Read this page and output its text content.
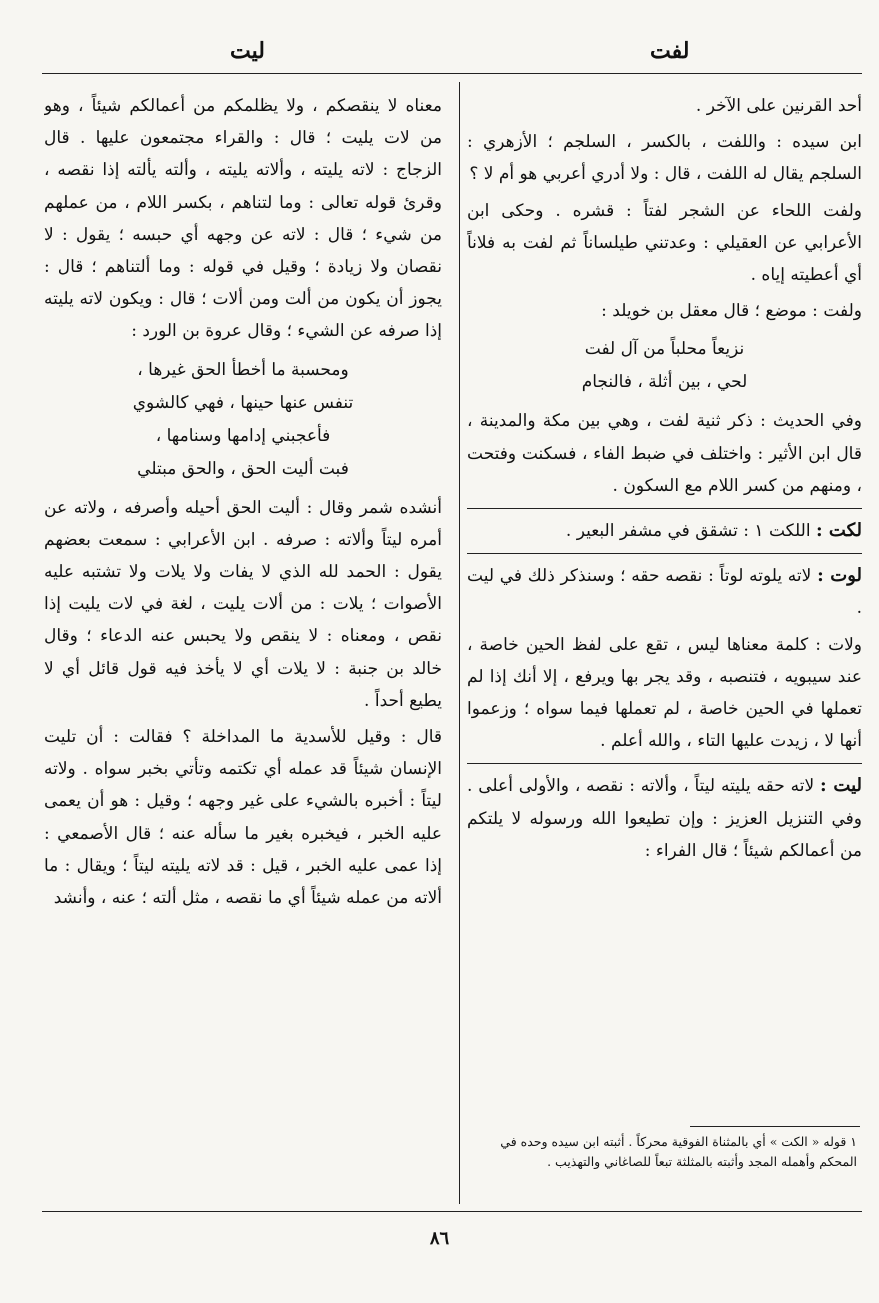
ليت	لفت

أحد القرنين على الآخر .

ابن سيده : واللفت ، بالكسر ، السلجم ؛ الأزهري : السلجم يقال له اللفت ، قال : ولا أدري أعربي هو أم لا ؟

ولفت اللحاء عن الشجر لفتاً : قشره . وحكى ابن الأعرابي عن العقيلي : وعدتني طيلساناً ثم لفت به فلاناً أي أعطيته إياه .

ولفت : موضع ؛ قال معقل بن خويلد :

نزيعاً محلباً من آل لفت
لحي ، بين أثلة ، فالنجام

وفي الحديث : ذكر ثنية لفت ، وهي بين مكة والمدينة ، قال ابن الأثير : واختلف في ضبط الفاء ، فسكنت وفتحت ، ومنهم من كسر اللام مع السكون .

لكت : اللكت ١ : تشقق في مشفر البعير .

لوت : لاته يلوته لوتاً : نقصه حقه ؛ وسنذكر ذلك في ليت .

ولات : كلمة معناها ليس ، تقع على لفظ الحين خاصة ، عند سيبويه ، فتنصبه ، وقد يجر بها ويرفع ، إلا أنك إذا لم تعملها في الحين خاصة ، لم تعملها فيما سواه ؛ وزعموا أنها لا ، زيدت عليها التاء ، والله أعلم .

ليت : لاته حقه يليته ليتاً ، وألاته : نقصه ، والأولى أعلى . وفي التنزيل العزيز : وإن تطيعوا الله ورسوله لا يلتكم من أعمالكم شيئاً ؛ قال الفراء :

١ قوله « الكت » أي بالمثناة الفوقية محركاً . أثبته ابن سيده وحده في المحكم وأهمله المجد وأثبته بالمثلثة تبعاً للصاغاني والتهذيب .

معناه لا ينقصكم ، ولا يظلمكم من أعمالكم شيئاً ، وهو من لات يليت ؛ قال : والقراء مجتمعون عليها . قال الزجاج : لاته يليته ، وألاته يليته ، وألته يألته إذا نقصه ، وقرئ قوله تعالى : وما لتناهم ، بكسر اللام ، من عملهم من شيء ؛ قال : لاته عن وجهه أي حبسه ؛ يقول : لا نقصان ولا زيادة ؛ وقيل في قوله : وما ألتناهم ؛ قال : يجوز أن يكون من ألت ومن ألات ؛ قال : ويكون لاته يليته إذا صرفه عن الشيء ؛ وقال عروة بن الورد :

ومحسبة ما أخطأ الحق غيرها ،
تنفس عنها حينها ، فهي كالشوي
فأعجبني إدامها وسنامها ،
فبت أليت الحق ، والحق مبتلي

أنشده شمر وقال : أليت الحق أحيله وأصرفه ، ولاته عن أمره ليتاً وألاته : صرفه . ابن الأعرابي : سمعت بعضهم يقول : الحمد لله الذي لا يفات ولا يلات ولا تشتبه عليه الأصوات ؛ يلات : من ألات يليت ، لغة في لات يليت إذا نقص ، ومعناه : لا ينقص ولا يحبس عنه الدعاء ؛ وقال خالد بن جنبة : لا يلات أي لا يأخذ فيه قول قائل أي لا يطيع أحداً .

قال : وقيل للأسدية ما المداخلة ؟ فقالت : أن تليت الإنسان شيئاً قد عمله أي تكتمه وتأتي بخبر سواه . ولاته ليتاً : أخبره بالشيء على غير وجهه ؛ وقيل : هو أن يعمى عليه الخبر ، فيخبره بغير ما سأله عنه ؛ قال الأصمعي : إذا عمى عليه الخبر ، قيل : قد لاته يليته ليتاً ؛ ويقال : ما ألاته من عمله شيئاً أي ما نقصه ، مثل ألته ؛ عنه ، وأنشد

٨٦
